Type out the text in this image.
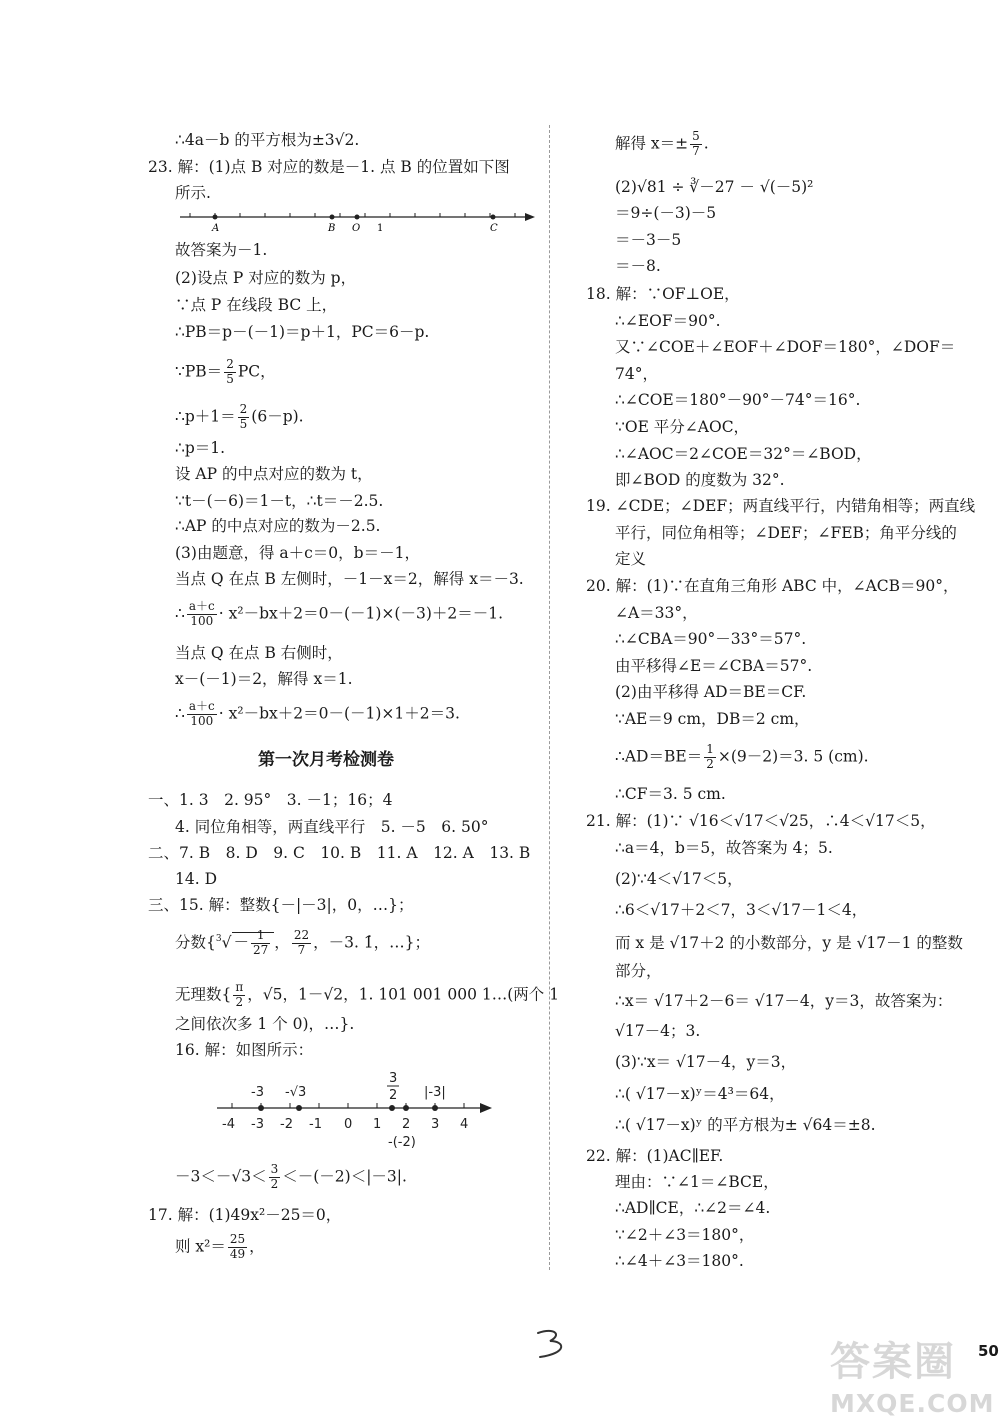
∴4a－b 的平方根为±3√2.
23. 解：(1)点 B 对应的数是－1. 点 B 的位置如下图
所示.
A	B O 1	C
故答案为－1.
(2)设点 P 对应的数为 p，
∵点 P 在线段 BC 上，
∴PB＝p－(－1)＝p＋1，PC＝6－p.
∵PB＝ $\frac{2}{5}$ PC，
∴p＋1＝ $\frac{2}{5} (6-p)$.
∴p＝1.
设 AP 的中点对应的数为 t，
∵t－(－6)＝1－t，∴t＝－2.5.
∴AP 的中点对应的数为－2.5.
(3)由题意，得 a＋c＝0，b＝－1，
当点 Q 在点 B 左侧时，－1－x＝2，解得 x＝－3.
∴ $\frac{a+c}{100} \cdot x^2-bx+2=0-(-1)\times(-3)+2=-1$.
当点 Q 在点 B 右侧时，
x－(－1)＝2，解得 x＝1.
∴ $\frac{a+c}{100} \cdot x^2-bx+2=0-(-1)\times 1+2=3$.
第一次月考检测卷
一、1. 3　2. 95°　3. －1；16；4
4. 同位角相等，两直线平行　5. －5　6. 50°
二、7. B　8. D　9. C　10. B　11. A　12. A　13. B
14. D
三、15. 解：整数{－|－3|，0，…}；
分数{$^3√ - \frac{1}{27}$ ， $\frac{22}{7}$ ，－3. 1̇，…}；
无理数{ $\frac{\pi}{2}$ ，√5，1－√2，1. 101 001 000 1…(两个 1
之间依次多 1 个 0)，…}.
16. 解：如图所示：
-3 -√3
3
2 |-3|
-4 -3 -2 -1 0 1 2 3 4
-(-2)
$-3<-√3< \frac{3}{2} <-(-2)<|-3|$.
17. 解：(1)49x²－25＝0，
则 $x^2= \frac{25}{49}$ ，
解得 $x=\pm \frac{5}{7}$ .
(2)√81 ÷ ∛－27 － √(－5)²
＝9÷(－3)－5
＝－3－5
＝－8.
18. 解：∵OF⊥OE，
∴∠EOF＝90°.
又∵∠COE＋∠EOF＋∠DOF＝180°，∠DOF＝
74°，
∴∠COE＝180°－90°－74°＝16°.
∵OE 平分∠AOC，
∴∠AOC＝2∠COE＝32°＝∠BOD，
即∠BOD 的度数为 32°.
19. ∠CDE；∠DEF；两直线平行，内错角相等；两直线
平行，同位角相等；∠DEF；∠FEB；角平分线的
定义
20. 解：(1)∵在直角三角形 ABC 中，∠ACB＝90°，
∠A＝33°，
∴∠CBA＝90°－33°＝57°.
由平移得∠E＝∠CBA＝57°.
(2)由平移得 AD＝BE＝CF.
∵AE＝9 cm，DB＝2 cm，
∴AD＝BE＝ $\frac{1}{2} \times(9-2)=3$. 5 (cm).
∴CF＝3. 5 cm.
21. 解：(1)∵ √16＜√17＜√25，∴4＜√17＜5，
∴a＝4，b＝5，故答案为 4；5.
(2)∵4＜√17＜5，
∴6＜√17＋2＜7，3＜√17－1＜4，
而 x 是 √17＋2 的小数部分，y 是 √17－1 的整数
部分，
∴x＝ √17＋2－6＝ √17－4，y＝3，故答案为：
√17－4；3.
(3)∵x＝ √17－4，y＝3，
∴( √17－x)ʸ＝4³＝64，
∴( √17－x)ʸ 的平方根为± √64＝±8.
22. 解：(1)AC∥EF.
理由：∵∠1＝∠BCE，
∴AD∥CE，∴∠2＝∠4.
∵∠2＋∠3＝180°，
∴∠4＋∠3＝180°.
答案圈
MXQE.COM
50
